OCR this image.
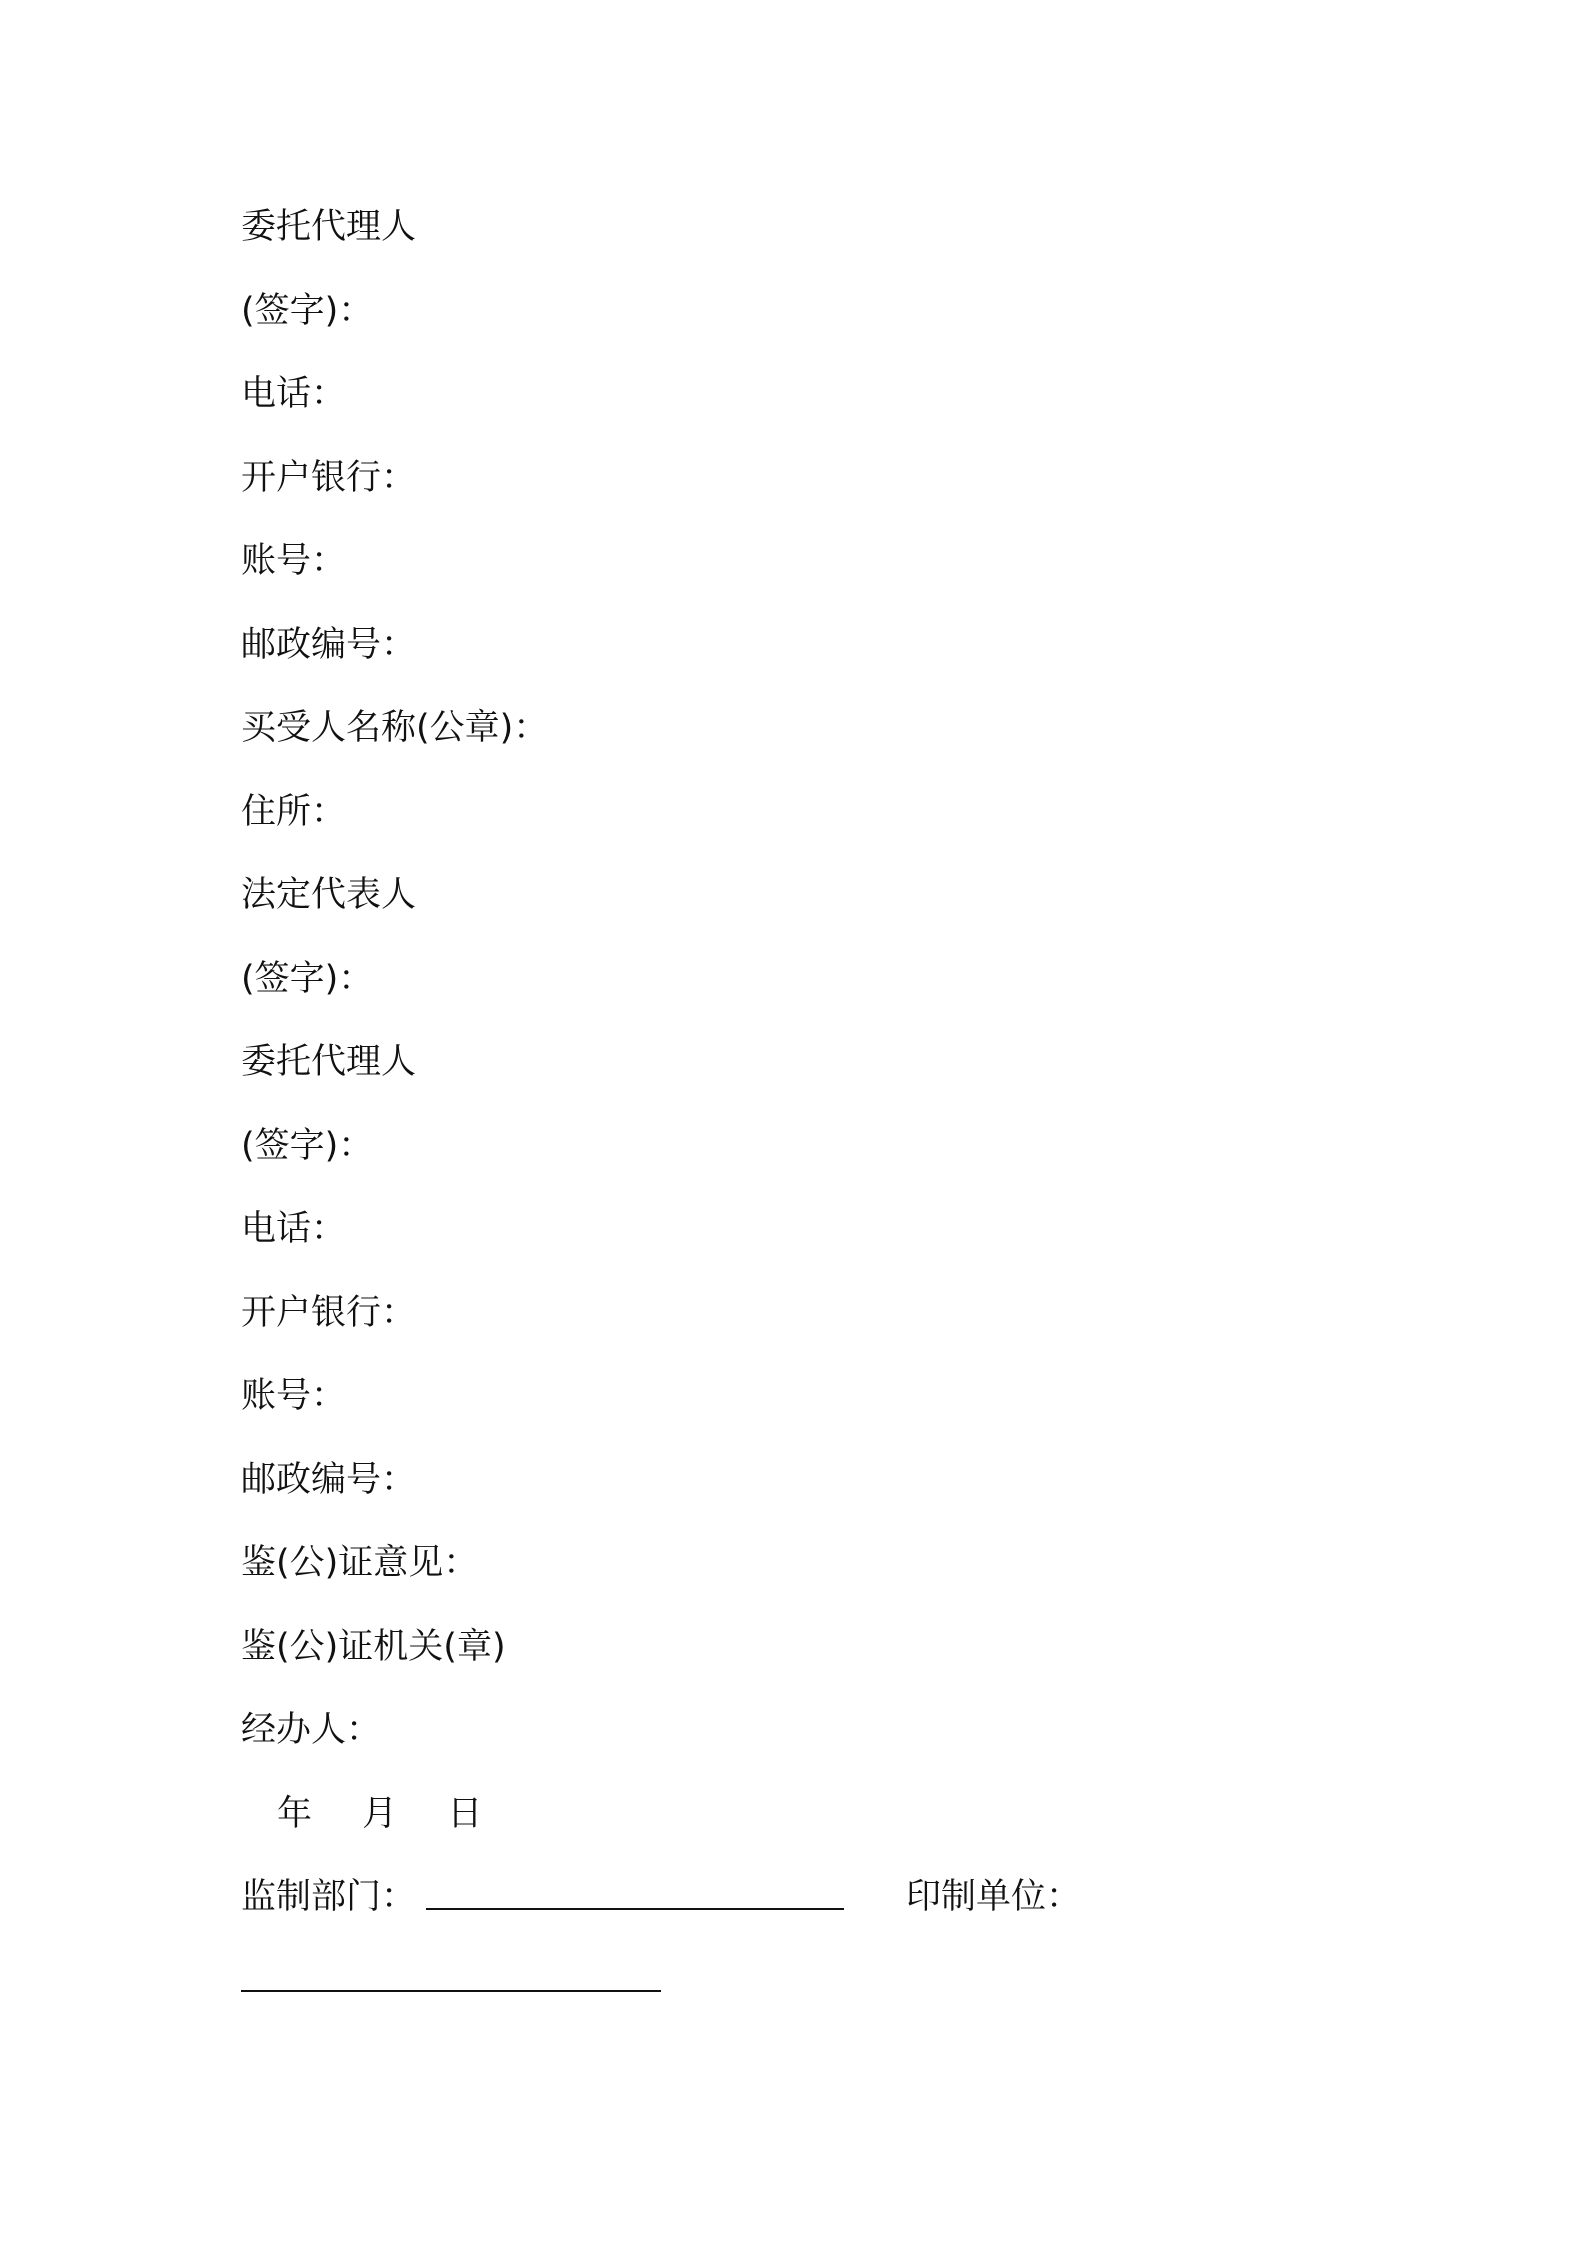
委托代理人
(签字)：
电话：
开户银行：
账号：
邮政编号：
买受人名称(公章)：
住所：
法定代表人
(签字)：
委托代理人
(签字)：
电话：
开户银行：
账号：
邮政编号：
鉴(公)证意见：
鉴(公)证机关(章)
经办人：
年 月 日
监制部门：	印制单位：
